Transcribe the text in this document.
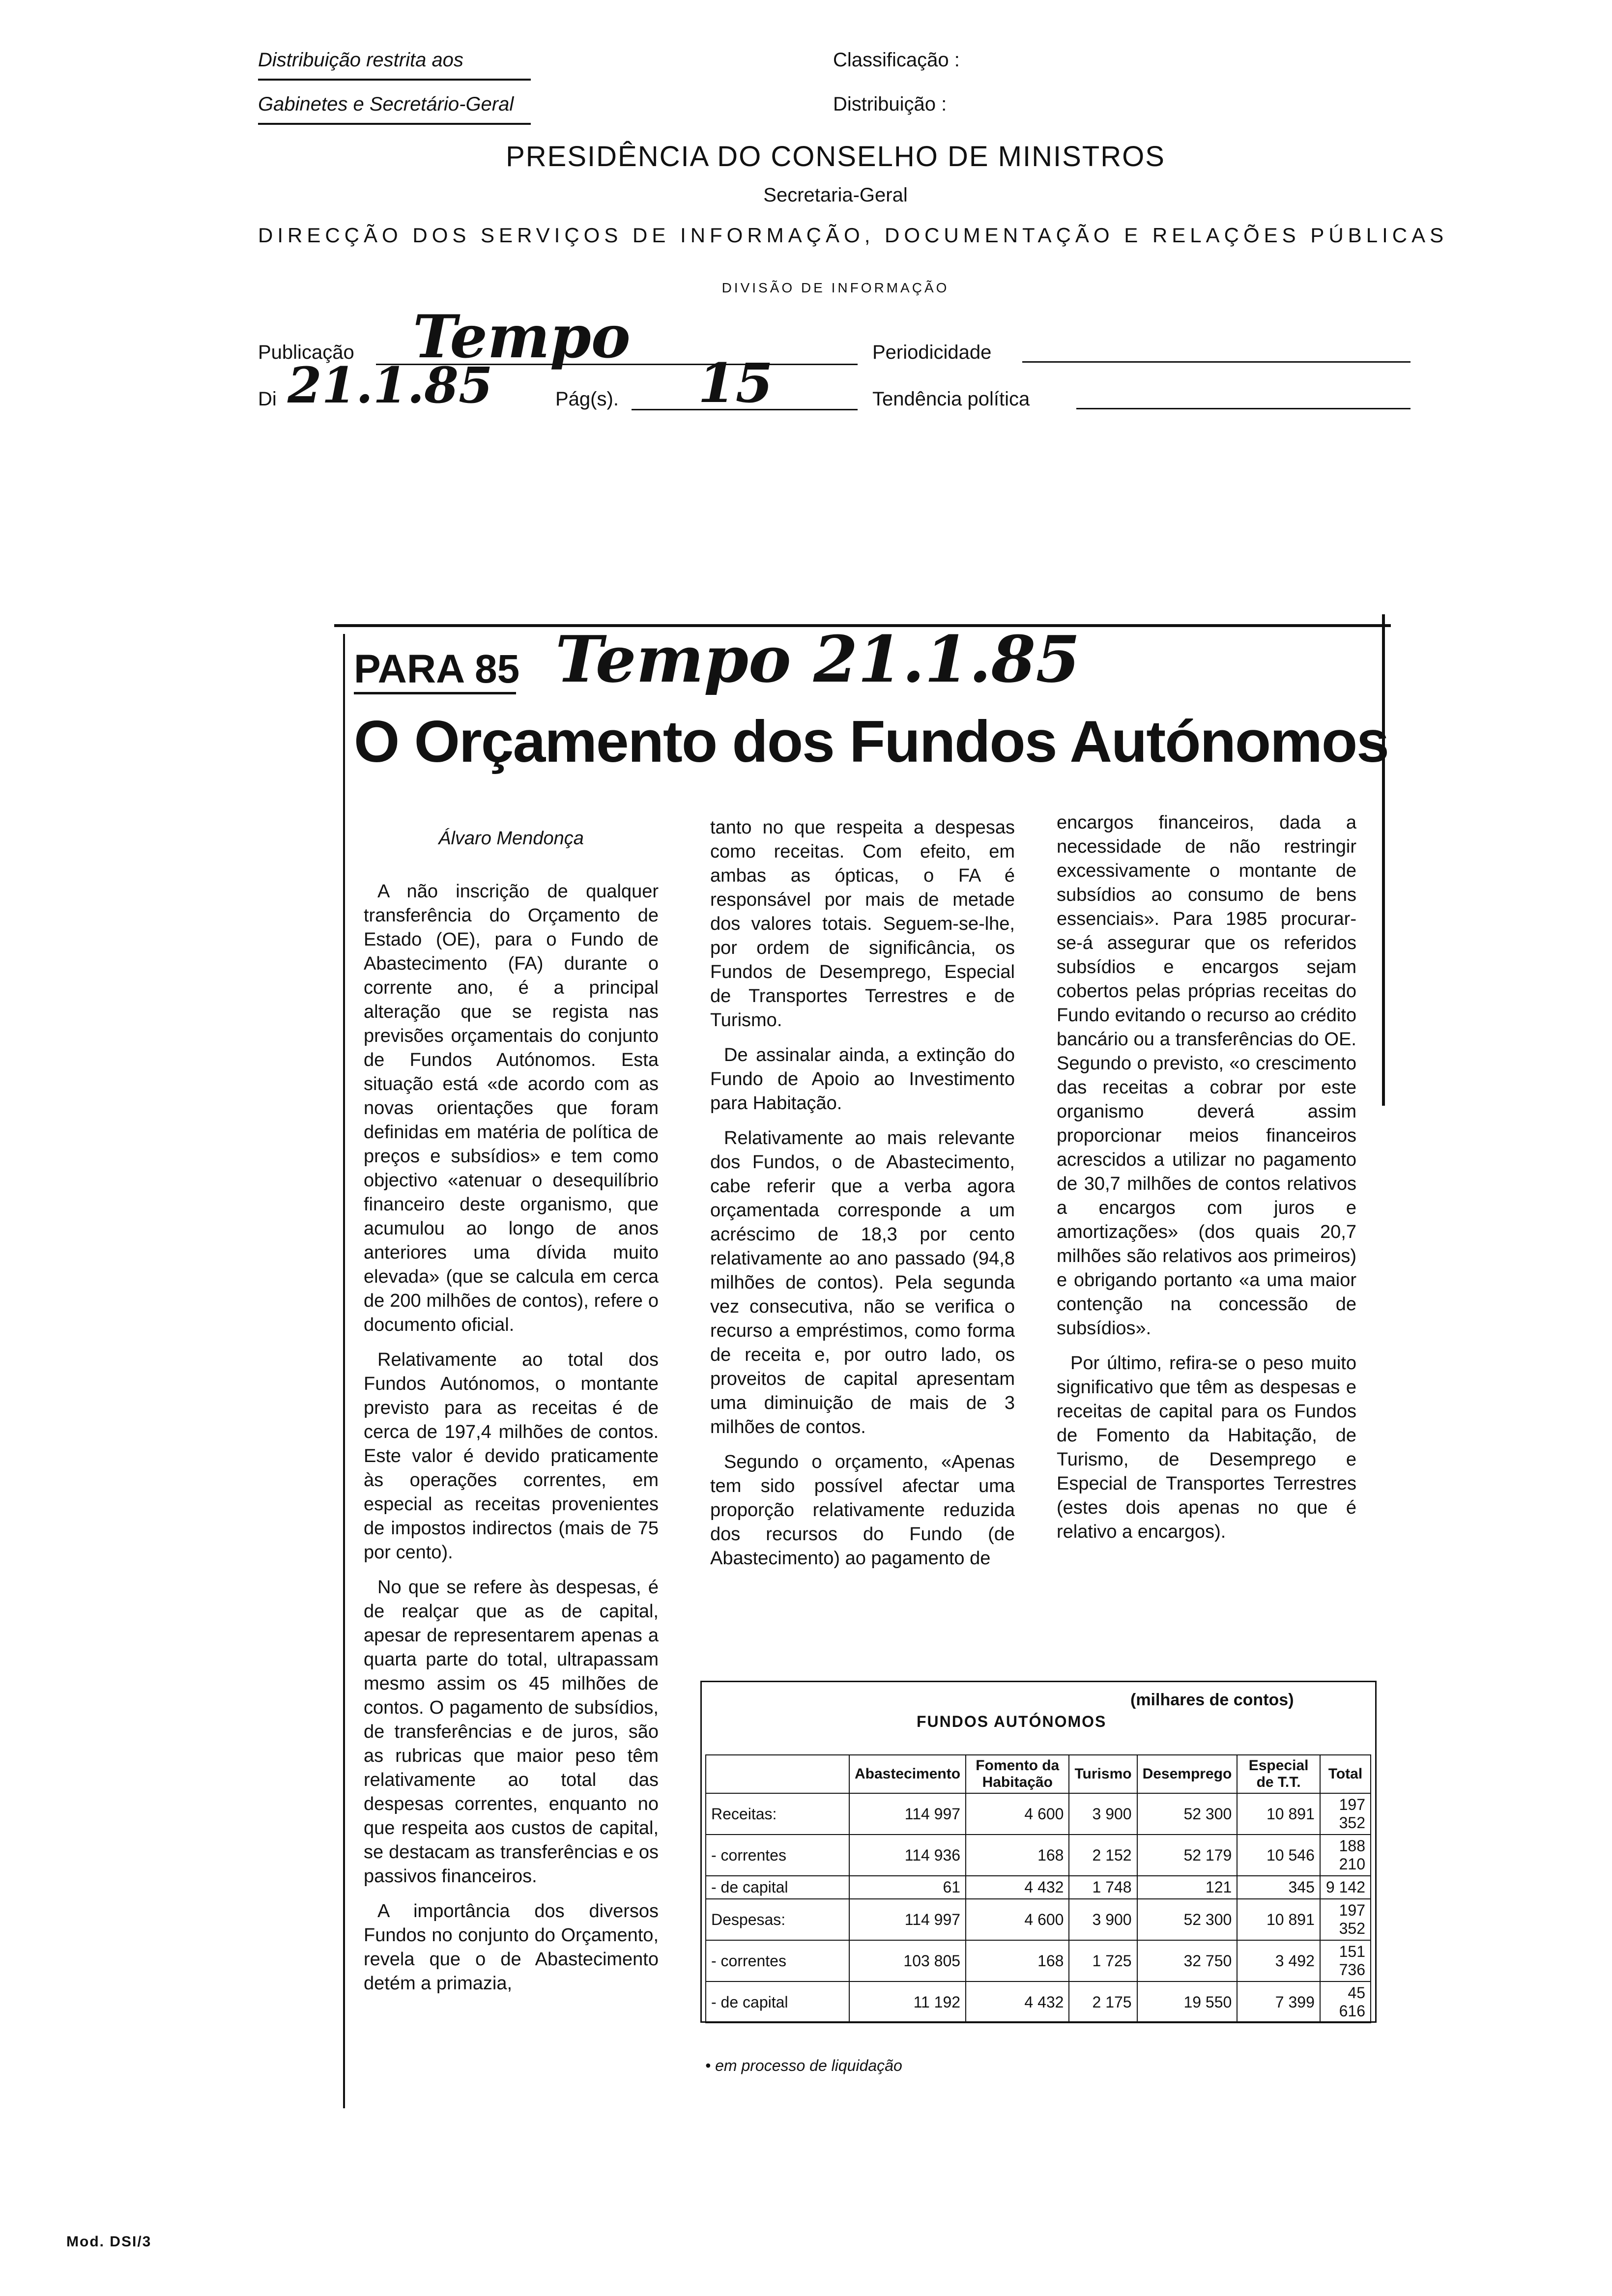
Distribuição restrita aos
Gabinetes e Secretário-Geral
Classificação :
Distribuição :
PRESIDÊNCIA DO CONSELHO DE MINISTROS
Secretaria-Geral
DIRECÇÃO DOS SERVIÇOS DE INFORMAÇÃO, DOCUMENTAÇÃO E RELAÇÕES PÚBLICAS
DIVISÃO DE INFORMAÇÃO
Publicação Tempo
Di 21.1.85	Pág(s). 15	Periodicidade
Tendência política
PARA 85 Tempo 21.1.85
O Orçamento dos Fundos Autónomos
Álvaro Mendonça

A não inscrição de qualquer transferência do Orçamento de Estado (OE), para o Fundo de Abastecimento (FA) durante o corrente ano, é a principal alteração que se regista nas previsões orçamentais do conjunto de Fundos Autónomos. Esta situação está «de acordo com as novas orientações que foram definidas em matéria de política de preços e subsídios» e tem como objectivo «atenuar o desequilíbrio financeiro deste organismo, que acumulou ao longo de anos anteriores uma dívida muito elevada» (que se calcula em cerca de 200 milhões de contos), refere o documento oficial.

Relativamente ao total dos Fundos Autónomos, o montante previsto para as receitas é de cerca de 197,4 milhões de contos. Este valor é devido praticamente às operações correntes, em especial as receitas provenientes de impostos indirectos (mais de 75 por cento).

No que se refere às despesas, é de realçar que as de capital, apesar de representarem apenas a quarta parte do total, ultrapassam mesmo assim os 45 milhões de contos. O pagamento de subsídios, de transferências e de juros, são as rubricas que maior peso têm relativamente ao total das despesas correntes, enquanto no que respeita aos custos de capital, se destacam as transferências e os passivos financeiros.

A importância dos diversos Fundos no conjunto do Orçamento, revela que o de Abastecimento detém a primazia,

tanto no que respeita a despesas como receitas. Com efeito, em ambas as ópticas, o FA é responsável por mais de metade dos valores totais. Seguem-se-lhe, por ordem de significância, os Fundos de Desemprego, Especial de Transportes Terrestres e de Turismo.

De assinalar ainda, a extinção do Fundo de Apoio ao Investimento para Habitação.

Relativamente ao mais relevante dos Fundos, o de Abastecimento, cabe referir que a verba agora orçamentada corresponde a um acréscimo de 18,3 por cento relativamente ao ano passado (94,8 milhões de contos). Pela segunda vez consecutiva, não se verifica o recurso a empréstimos, como forma de receita e, por outro lado, os proveitos de capital apresentam uma diminuição de mais de 3 milhões de contos.

Segundo o orçamento, «Apenas tem sido possível afectar uma proporção relativamente reduzida dos recursos do Fundo (de Abastecimento) ao pagamento de

encargos financeiros, dada a necessidade de não restringir excessivamente o montante de subsídios ao consumo de bens essenciais». Para 1985 procurar-se-á assegurar que os referidos subsídios e encargos sejam cobertos pelas próprias receitas do Fundo evitando o recurso ao crédito bancário ou a transferências do OE. Segundo o previsto, «o crescimento das receitas a cobrar por este organismo deverá assim proporcionar meios financeiros acrescidos a utilizar no pagamento de 30,7 milhões de contos relativos a encargos com juros e amortizações» (dos quais 20,7 milhões são relativos aos primeiros) e obrigando portanto «a uma maior contenção na concessão de subsídios».

Por último, refira-se o peso muito significativo que têm as despesas e receitas de capital para os Fundos de Fomento da Habitação, de Turismo, de Desemprego e Especial de Transportes Terrestres (estes dois apenas no que é relativo a encargos).

(milhares de contos)
FUNDOS AUTÓNOMOS
	Abastecimento	Fomento da Habitação	Turismo	Desemprego	Especial de T.T.	Total
Receitas:	114 997	4 600	3 900	52 300	10 891	197 352
- correntes	114 936	168	2 152	52 179	10 546	188 210
- de capital	61	4 432	1 748	121	345	9 142
Despesas:	114 997	4 600	3 900	52 300	10 891	197 352
- correntes	103 805	168	1 725	32 750	3 492	151 736
- de capital	11 192	4 432	2 175	19 550	7 399	45 616
• em processo de liquidação
Mod. DSI/3
